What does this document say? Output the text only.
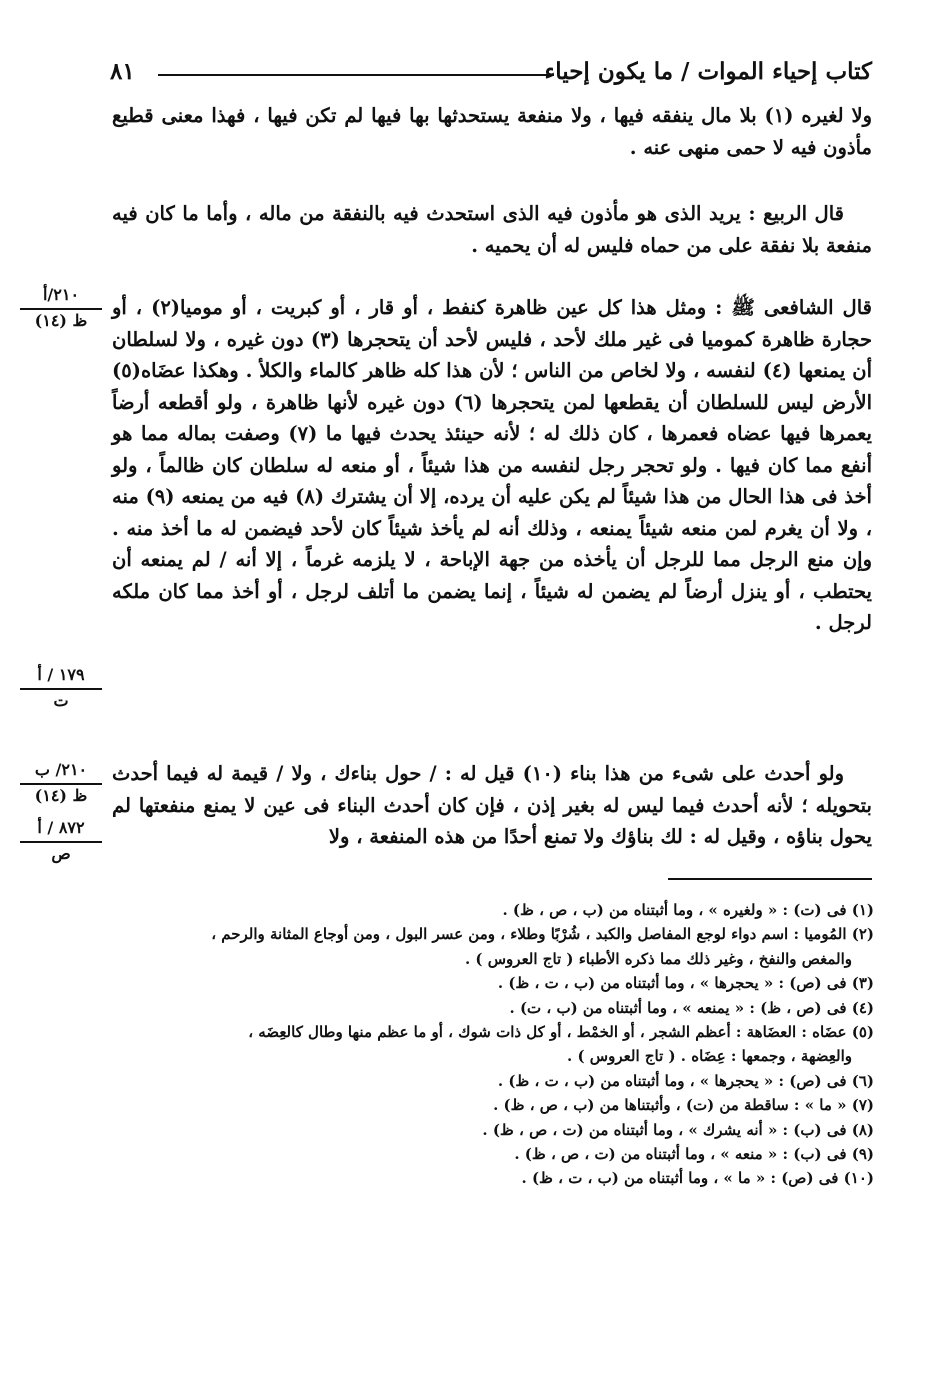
كتاب إحياء الموات / ما يكون إحياء
٨١

ولا لغيره (١) بلا مال ينفقه فيها ، ولا منفعة يستحدثها بها فيها لم تكن فيها ، فهذا معنى قطيع مأذون فيه لا حمى منهى عنه .

قال الربيع : يريد الذى هو مأذون فيه الذى استحدث فيه بالنفقة من ماله ، وأما ما كان فيه منفعة بلا نفقة على من حماه فليس له أن يحميه .

قال الشافعى ﷺ : ومثل هذا كل عين ظاهرة كنفط ، أو قار ، أو كبريت ، أو موميا(٢) ، أو حجارة ظاهرة كموميا فى غير ملك لأحد ، فليس لأحد أن يتحجرها (٣) دون غيره ، ولا لسلطان أن يمنعها (٤) لنفسه ، ولا لخاص من الناس ؛ لأن هذا كله ظاهر كالماء والكلأ . وهكذا عضَاه(٥) الأرض ليس للسلطان أن يقطعها لمن يتحجرها (٦) دون غيره لأنها ظاهرة ، ولو أقطعه أرضاً يعمرها فيها عضاه فعمرها ، كان ذلك له ؛ لأنه حينئذ يحدث فيها ما (٧) وصفت بماله مما هو أنفع مما كان فيها . ولو تحجر رجل لنفسه من هذا شيئاً ، أو منعه له سلطان كان ظالماً ، ولو أخذ فى هذا الحال من هذا شيئاً لم يكن عليه أن يرده، إلا أن يشترك (٨) فيه من يمنعه (٩) منه ، ولا أن يغرم لمن منعه شيئاً يمنعه ، وذلك أنه لم يأخذ شيئاً كان لأحد فيضمن له ما أخذ منه . وإن منع الرجل مما للرجل أن يأخذه من جهة الإباحة ، لا يلزمه غرماً ، إلا أنه / لم يمنعه أن يحتطب ، أو ينزل أرضاً لم يضمن له شيئاً ، إنما يضمن ما أتلف لرجل ، أو أخذ مما كان ملكه لرجل .

ولو أحدث على شىء من هذا بناء (١٠) قيل له : / حول بناءك ، ولا / قيمة له فيما أحدث بتحويله ؛ لأنه أحدث فيما ليس له بغير إذن ، فإن كان أحدث البناء فى عين لا يمنع منفعتها لم يحول بناؤه ، وقيل له : لك بناؤك ولا تمنع أحدًا من هذه المنفعة ، ولا

٢١٠/أ
ظ (١٤)
١٧٩ / أ
ت
٢١٠/ ب
ظ (١٤)
٨٧٢ / أ
ص

(١) فى (ت) : « ولغيره » ، وما أثبتناه من (ب ، ص ، ظ) .

(٢) المُوميا : اسم دواء لوجع المفاصل والكبد ، شُرْبًا وطلاء ، ومن عسر البول ، ومن أوجاع المثانة والرحم ،

والمغص والنفخ ، وغير ذلك مما ذكره الأطباء ( تاج العروس ) .

(٣) فى (ص) : « يحجرها » ، وما أثبتناه من (ب ، ت ، ظ) .

(٤) فى (ص ، ظ) : « يمنعه » ، وما أثبتناه من (ب ، ت) .

(٥) عضَاه : العضَاهة : أعظم الشجر ، أو الخمْط ، أو كل ذات شوك ، أو ما عظم منها وطال كالعِضَه ،

والعِضهة ، وجمعها : عِضَاه . ( تاج العروس ) .

(٦) فى (ص) : « يحجرها » ، وما أثبتناه من (ب ، ت ، ظ) .

(٧) « ما » : ساقطة من (ت) ، وأثبتناها من (ب ، ص ، ظ) .

(٨) فى (ب) : « أنه يشرك » ، وما أثبتناه من (ت ، ص ، ظ) .

(٩) فى (ب) : « منعه » ، وما أثبتناه من (ت ، ص ، ظ) .

(١٠) فى (ص) : « ما » ، وما أثبتناه من (ب ، ت ، ظ) .
